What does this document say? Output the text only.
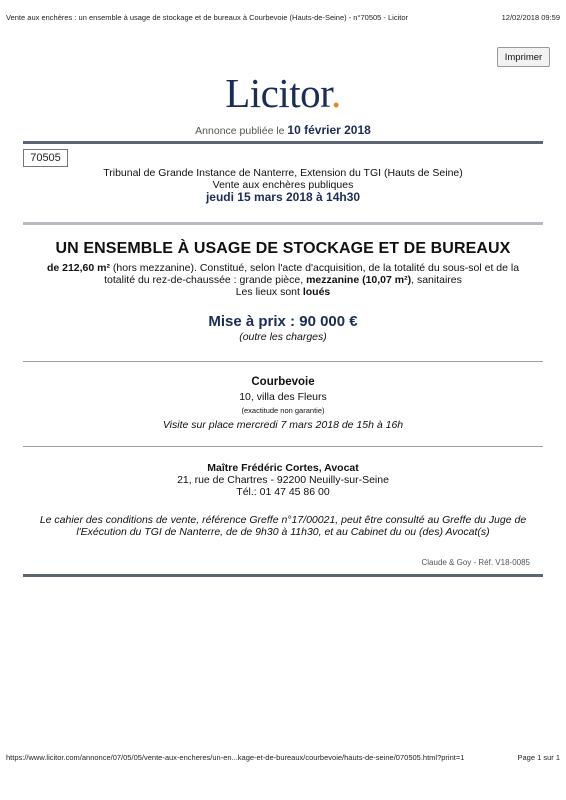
Vente aux enchères : un ensemble à usage de stockage et de bureaux à Courbevoie (Hauts-de-Seine) - n°70505 - Licitor	12/02/2018 09:59
Imprimer
Licitor.
Annonce publiée le 10 février 2018
70505
Tribunal de Grande Instance de Nanterre, Extension du TGI (Hauts de Seine)
Vente aux enchères publiques
jeudi 15 mars 2018 à 14h30
UN ENSEMBLE À USAGE DE STOCKAGE ET DE BUREAUX
de 212,60 m² (hors mezzanine). Constitué, selon l'acte d'acquisition, de la totalité du sous-sol et de la
totalité du rez-de-chaussée : grande pièce, mezzanine (10,07 m²), sanitaires
Les lieux sont loués
Mise à prix : 90 000 €
(outre les charges)
Courbevoie
10, villa des Fleurs
(exactitude non garantie)
Visite sur place mercredi 7 mars 2018 de 15h à 16h
Maître Frédéric Cortes, Avocat
21, rue de Chartres - 92200 Neuilly-sur-Seine
Tél.: 01 47 45 86 00
Le cahier des conditions de vente, référence Greffe n°17/00021, peut être consulté au Greffe du Juge de
l'Exécution du TGI de Nanterre, de de 9h30 à 11h30, et au Cabinet du ou (des) Avocat(s)
Claude & Goy - Réf. V18-0085
https://www.licitor.com/annonce/07/05/05/vente-aux-encheres/un-en...kage-et-de-bureaux/courbevoie/hauts-de-seine/070505.html?print=1	Page 1 sur 1
